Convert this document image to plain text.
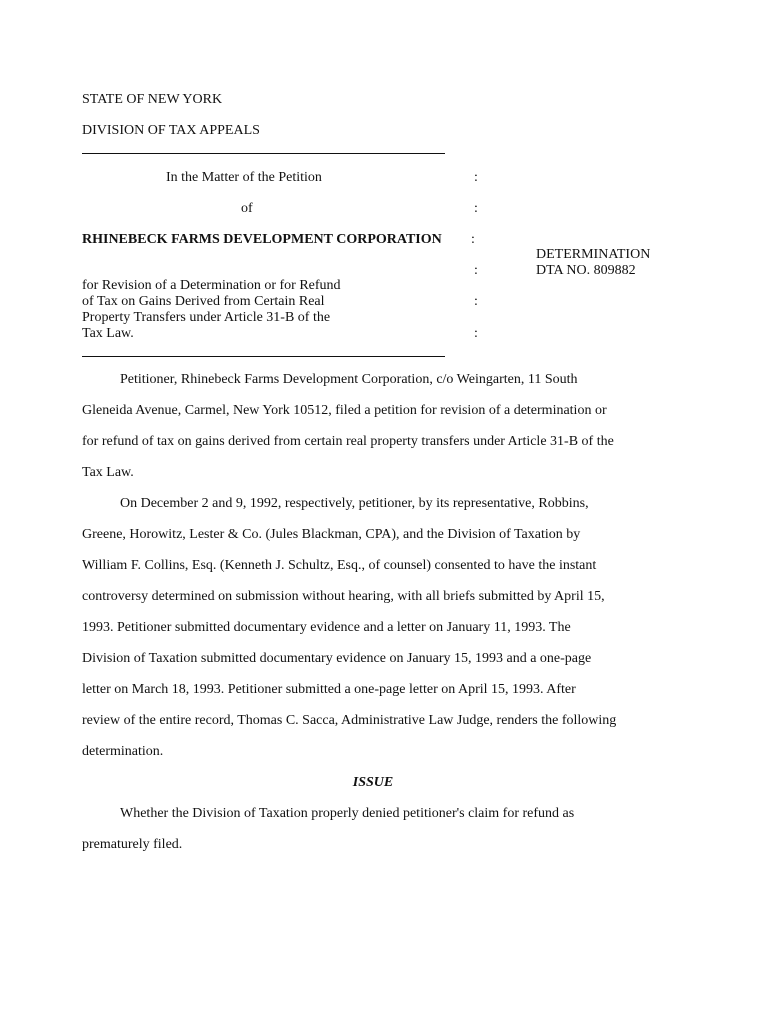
STATE OF NEW YORK
DIVISION OF TAX APPEALS
In the Matter of the Petition	:
of	:
RHINEBECK FARMS DEVELOPMENT CORPORATION :
DETERMINATION
DTA NO. 809882
:
for Revision of a Determination or for Refund
of Tax on Gains Derived from Certain Real
Property Transfers under Article 31-B of the
Tax Law.
:
:
Petitioner, Rhinebeck Farms Development Corporation, c/o Weingarten, 11 South
Gleneida Avenue, Carmel, New York 10512, filed a petition for revision of a determination or
for refund of tax on gains derived from certain real property transfers under Article 31-B of the
Tax Law.
On December 2 and 9, 1992, respectively, petitioner, by its representative, Robbins,
Greene, Horowitz, Lester & Co. (Jules Blackman, CPA), and the Division of Taxation by
William F. Collins, Esq. (Kenneth J. Schultz, Esq., of counsel) consented to have the instant
controversy determined on submission without hearing, with all briefs submitted by April 15,
1993. Petitioner submitted documentary evidence and a letter on January 11, 1993. The
Division of Taxation submitted documentary evidence on January 15, 1993 and a one-page
letter on March 18, 1993. Petitioner submitted a one-page letter on April 15, 1993. After
review of the entire record, Thomas C. Sacca, Administrative Law Judge, renders the following
determination.
ISSUE
Whether the Division of Taxation properly denied petitioner's claim for refund as
prematurely filed.
